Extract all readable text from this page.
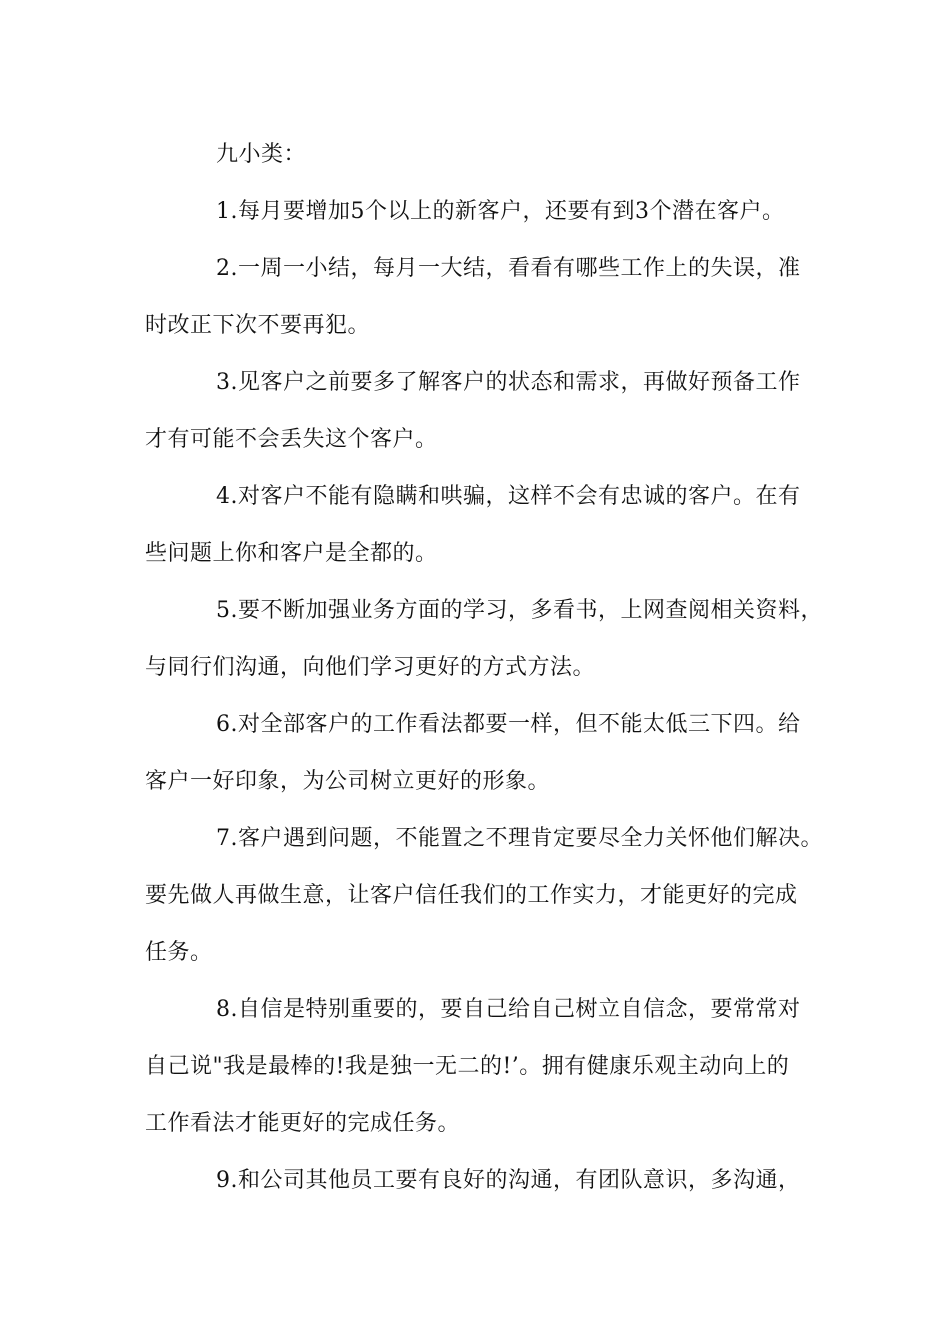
九小类：

1.每月要增加5个以上的新客户，还要有到3个潜在客户。

2.一周一小结，每月一大结，看看有哪些工作上的失误，准
时改正下次不要再犯。

3.见客户之前要多了解客户的状态和需求，再做好预备工作
才有可能不会丢失这个客户。

4.对客户不能有隐瞒和哄骗，这样不会有忠诚的客户。在有
些问题上你和客户是全都的。

5.要不断加强业务方面的学习，多看书，上网查阅相关资料，
与同行们沟通，向他们学习更好的方式方法。

6.对全部客户的工作看法都要一样，但不能太低三下四。给
客户一好印象，为公司树立更好的形象。

7.客户遇到问题，不能置之不理肯定要尽全力关怀他们解决。
要先做人再做生意，让客户信任我们的工作实力，才能更好的完成
任务。

8.自信是特别重要的，要自己给自己树立自信念，要常常对
自己说"我是最棒的!我是独一无二的!’。拥有健康乐观主动向上的
工作看法才能更好的完成任务。

9.和公司其他员工要有良好的沟通，有团队意识，多沟通，
